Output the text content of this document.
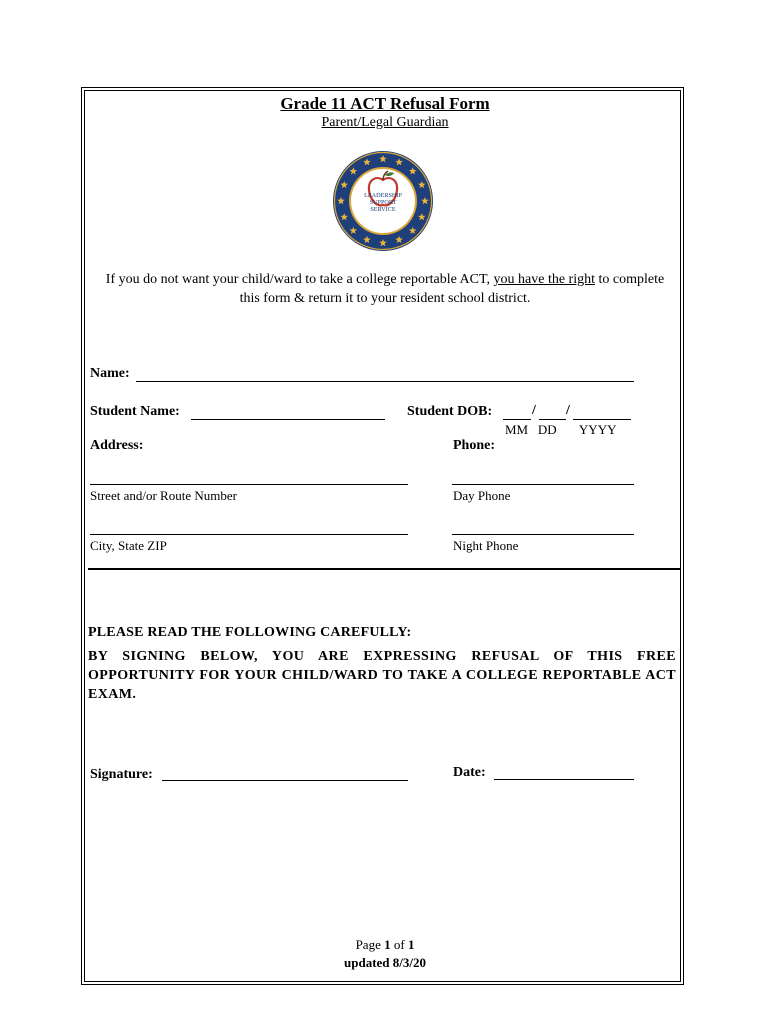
Grade 11 ACT Refusal Form
Parent/Legal Guardian
LEADERSHIP
SUPPORT
SERVICE
If you do not want your child/ward to take a college reportable ACT, you have the right to complete this form & return it to your resident school district.
Name:
Student Name:	Student DOB:	/ /
MM   DD       YYYY
Address:	Phone:
Street and/or Route Number	Day Phone
City, State ZIP	Night Phone
PLEASE READ THE FOLLOWING CAREFULLY:
BY SIGNING BELOW, YOU ARE EXPRESSING REFUSAL OF THIS FREE OPPORTUNITY FOR YOUR CHILD/WARD TO TAKE A COLLEGE REPORTABLE ACT EXAM.
Signature:	Date:
Page 1 of 1
updated 8/3/20
